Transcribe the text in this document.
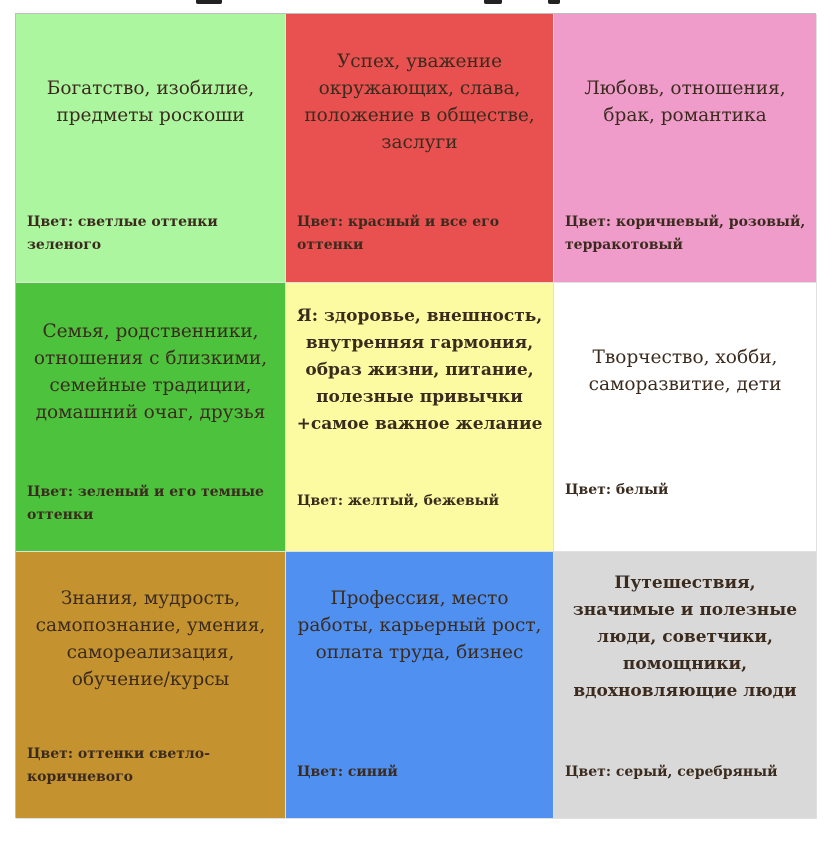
Богатство, изобилие, предметы роскоши
Цвет: светлые оттенки зеленого
Успех, уважение окружающих, слава, положение в обществе, заслуги
Цвет: красный и все его оттенки
Любовь, отношения, брак, романтика
Цвет: коричневый, розовый, терракотовый
Семья, родственники, отношения с близкими, семейные традиции, домашний очаг, друзья
Цвет: зеленый и его темные оттенки
Я: здоровье, внешность, внутренняя гармония, образ жизни, питание, полезные привычки +самое важное желание
Цвет: желтый, бежевый
Творчество, хобби, саморазвитие, дети
Цвет: белый
Знания, мудрость, самопознание, умения, самореализация, обучение/курсы
Цвет: оттенки светло-коричневого
Профессия, место работы, карьерный рост, оплата труда, бизнес
Цвет: синий
Путешествия, значимые и полезные люди, советчики, помощники, вдохновляющие люди
Цвет: серый, серебряный
